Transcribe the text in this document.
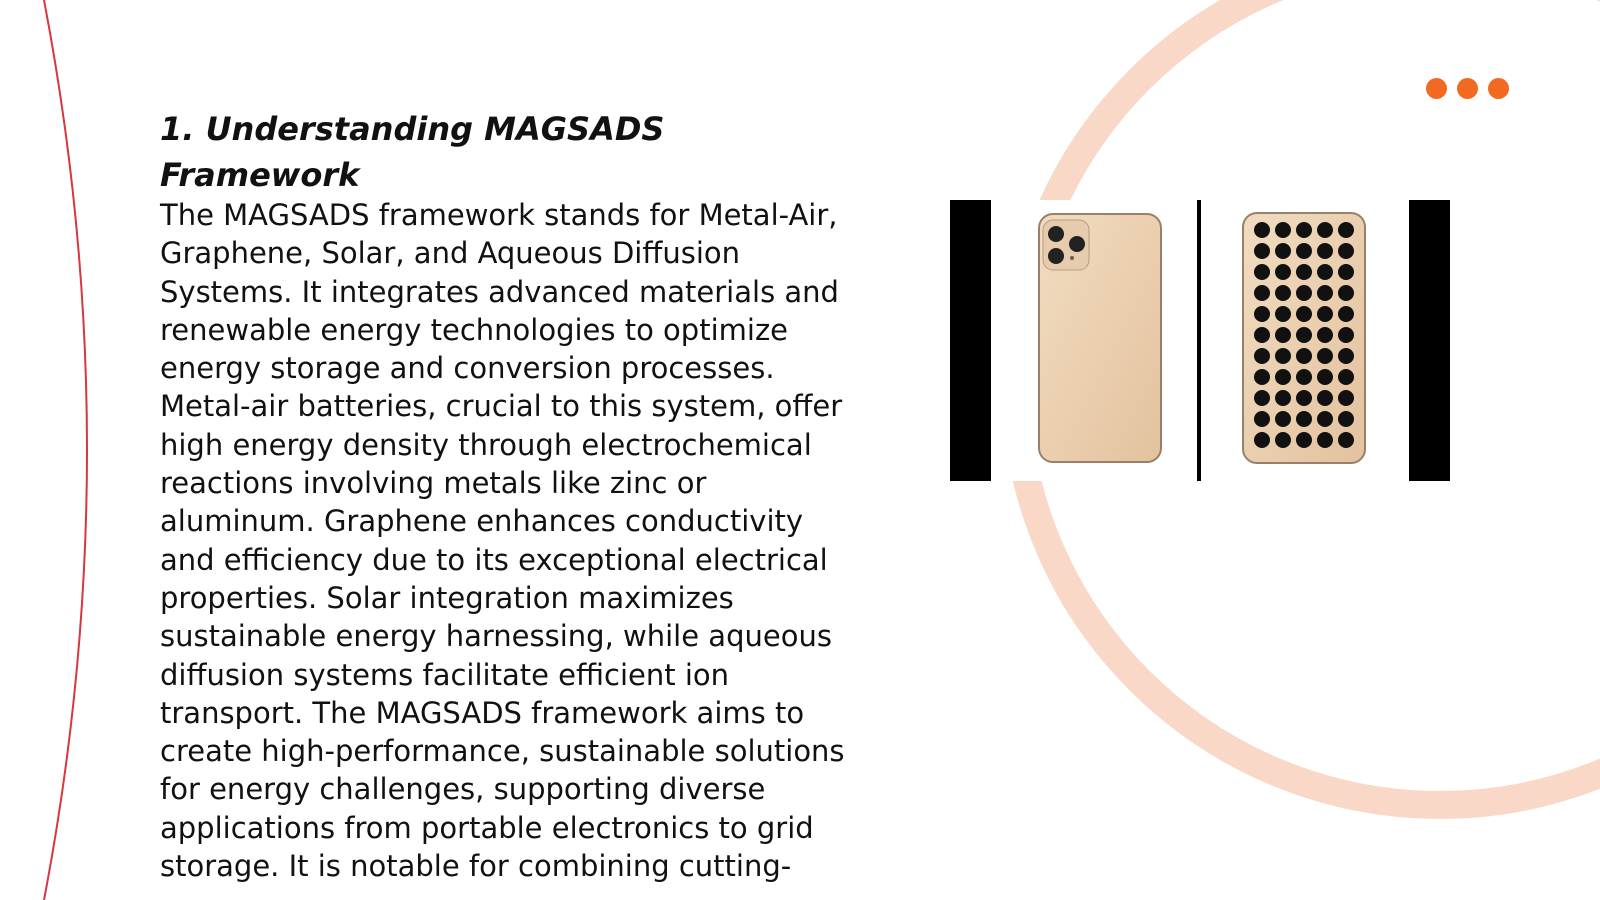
1. Understanding MAGSADS Framework

The MAGSADS framework stands for Metal-Air, Graphene, Solar, and Aqueous Diffusion Systems. It integrates advanced materials and renewable energy technologies to optimize energy storage and conversion processes. Metal-air batteries, crucial to this system, offer high energy density through electrochemical reactions involving metals like zinc or aluminum. Graphene enhances conductivity and efficiency due to its exceptional electrical properties. Solar integration maximizes sustainable energy harnessing, while aqueous diffusion systems facilitate efficient ion transport. The MAGSADS framework aims to create high-performance, sustainable solutions for energy challenges, supporting diverse applications from portable electronics to grid storage. It is notable for combining cutting-
